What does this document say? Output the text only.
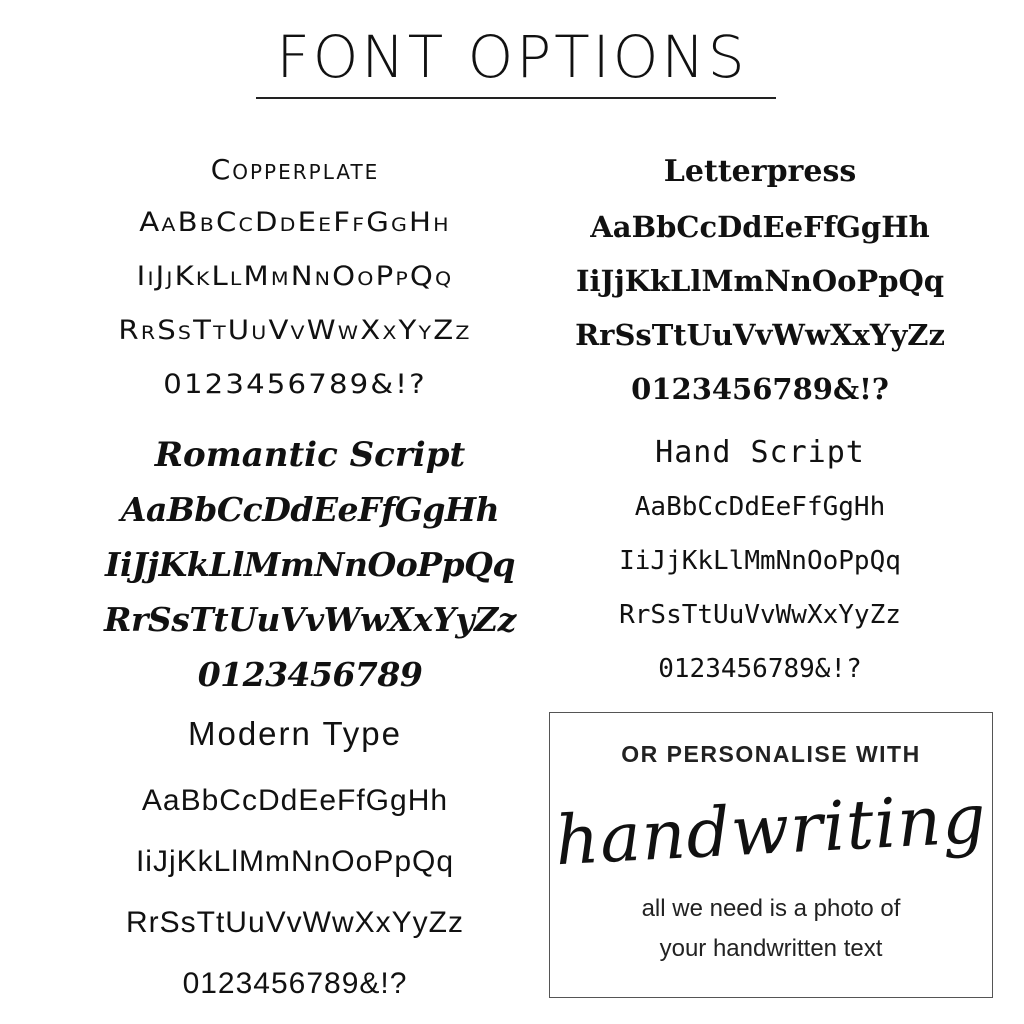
FONT OPTIONS
Copperplate
AaBbCcDdEeFfGgHh
IiJjKkLlMmNnOoPpQq
RrSsTtUuVvWwXxYyZz
0123456789&!?
Letterpress
AaBbCcDdEeFfGgHh
IiJjKkLlMmNnOoPpQq
RrSsTtUuVvWwXxYyZz
0123456789&!?
Romantic Script
AaBbCcDdEeFfGgHh
IiJjKkLlMmNnOoPpQq
RrSsTtUuVvWwXxYyZz
0123456789
Hand Script
AaBbCcDdEeFfGgHh
IiJjKkLlMmNnOoPpQq
RrSsTtUuVvWwXxYyZz
0123456789&!?
Modern Type
AaBbCcDdEeFfGgHh
IiJjKkLlMmNnOoPpQq
RrSsTtUuVvWwXxYyZz
0123456789&!?
OR PERSONALISE WITH
handwriting
all we need is a photo of
your handwritten text
